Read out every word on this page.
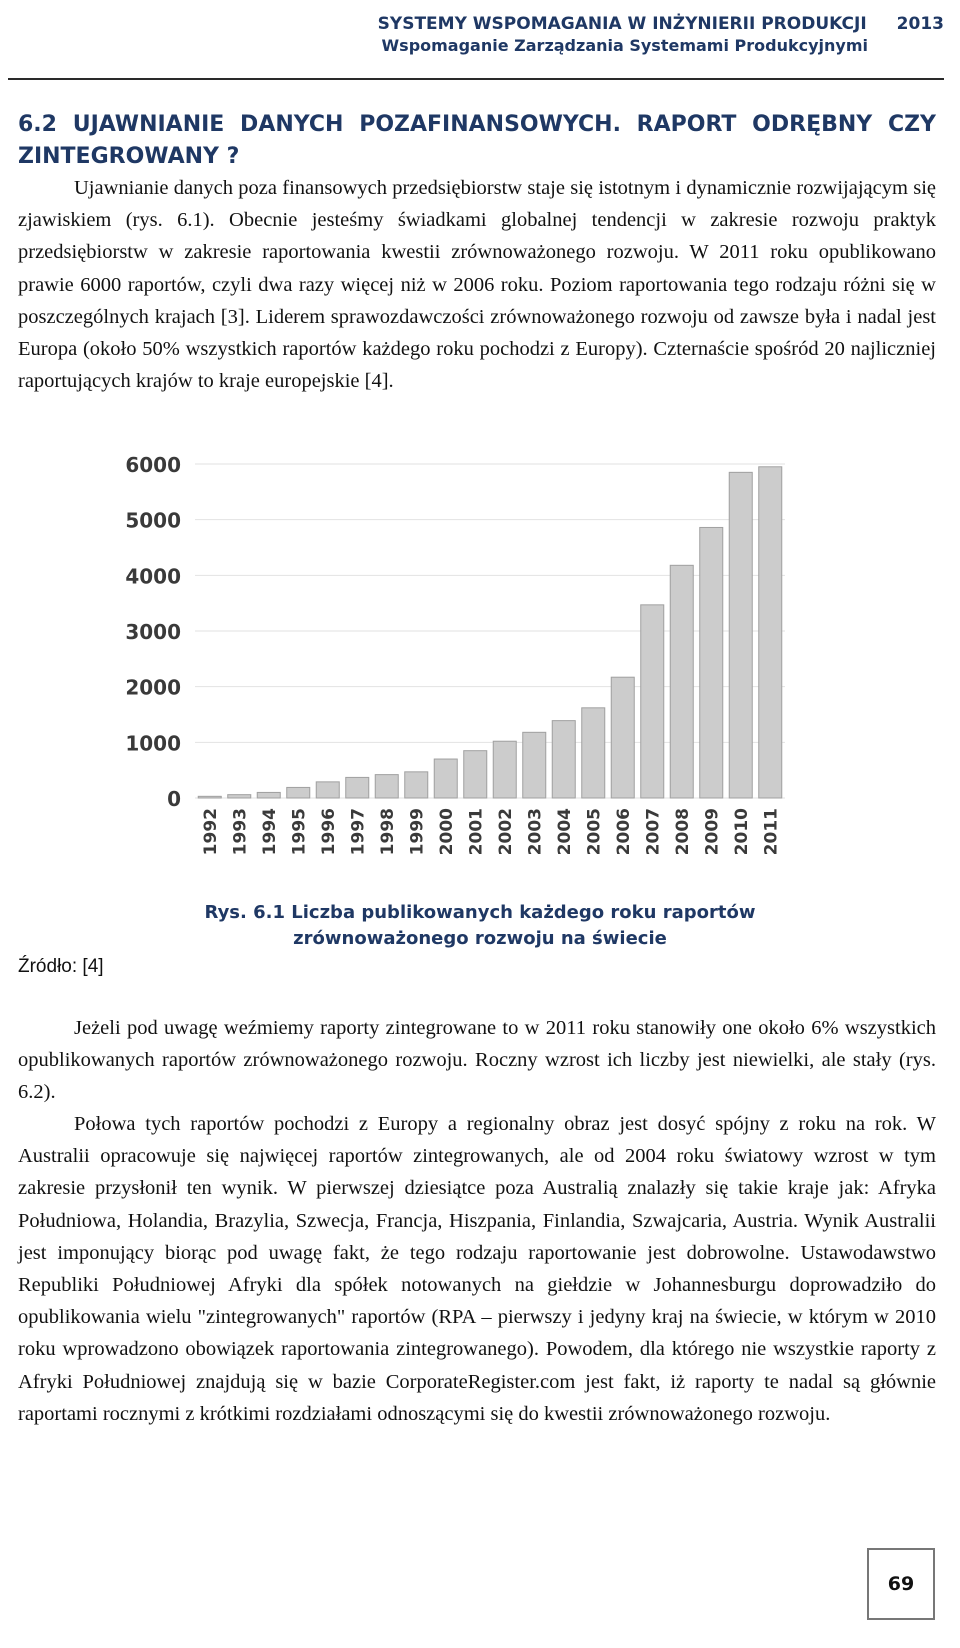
SYSTEMY WSPOMAGANIA W INŻYNIERII PRODUKCJI 2013
Wspomaganie Zarządzania Systemami Produkcyjnymi
6.2 UJAWNIANIE DANYCH POZAFINANSOWYCH. RAPORT ODRĘBNY CZY
ZINTEGROWANY ?

Ujawnianie danych poza finansowych przedsiębiorstw staje się istotnym i dynamicznie rozwijającym się zjawiskiem (rys. 6.1). Obecnie jesteśmy świadkami globalnej tendencji w zakresie rozwoju praktyk przedsiębiorstw w zakresie raportowania kwestii zrównoważonego rozwoju. W 2011 roku opublikowano prawie 6000 raportów, czyli dwa razy więcej niż w 2006 roku. Poziom raportowania tego rodzaju różni się w poszczególnych krajach [3]. Liderem sprawozdawczości zrównoważonego rozwoju od zawsze była i nadal jest Europa (około 50% wszystkich raportów każdego roku pochodzi z Europy). Czternaście spośród 20 najliczniej raportujących krajów to kraje europejskie [4].

0
1000
2000
3000
4000
5000
6000
1992 1993 1994 1995 1996 1997 1998 1999 2000 2001 2002 2003 2004 2005 2006 2007 2008 2009 2010 2011
Rys. 6.1 Liczba publikowanych każdego roku raportów
zrównoważonego rozwoju na świecie
Źródło: [4]

Jeżeli pod uwagę weźmiemy raporty zintegrowane to w 2011 roku stanowiły one około 6% wszystkich opublikowanych raportów zrównoważonego rozwoju. Roczny wzrost ich liczby jest niewielki, ale stały (rys. 6.2).

Połowa tych raportów pochodzi z Europy a regionalny obraz jest dosyć spójny z roku na rok. W Australii opracowuje się najwięcej raportów zintegrowanych, ale od 2004 roku światowy wzrost w tym zakresie przysłonił ten wynik. W pierwszej dziesiątce poza Australią znalazły się takie kraje jak: Afryka Południowa, Holandia, Brazylia, Szwecja, Francja, Hiszpania, Finlandia, Szwajcaria, Austria. Wynik Australii jest imponujący biorąc pod uwagę fakt, że tego rodzaju raportowanie jest dobrowolne. Ustawodawstwo Republiki Południowej Afryki dla spółek notowanych na giełdzie w Johannesburgu doprowadziło do opublikowania wielu "zintegrowanych" raportów (RPA – pierwszy i jedyny kraj na świecie, w którym w 2010 roku wprowadzono obowiązek raportowania zintegrowanego). Powodem, dla którego nie wszystkie raporty z Afryki Południowej znajdują się w bazie CorporateRegister.com jest fakt, iż raporty te nadal są głównie raportami rocznymi z krótkimi rozdziałami odnoszącymi się do kwestii zrównoważonego rozwoju.

69
